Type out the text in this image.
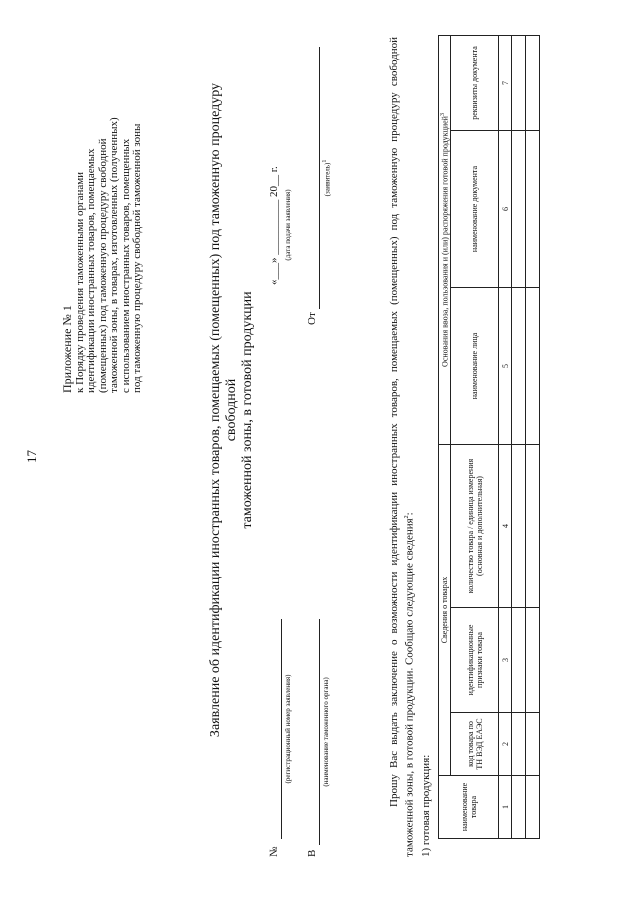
17
Приложение № 1 к Порядку проведения таможенными органами идентификации иностранных товаров, помещаемых (помещенных) под таможенную процедуру свободной таможенной зоны, в товарах, изготовленных (полученных) с использованием иностранных товаров, помещенных под таможенную процедуру свободной таможенной зоны	Заявление об идентификации иностранных товаров, помещаемых (помещенных) под таможенную процедуру свободной таможенной зоны, в готовой продукции
№
(регистрационный номер заявления)
«___» __________ 20__ г. (дата подачи заявления)
В
(наименование таможенного органа)
От
(заявитель)1	Прошу Вас выдать заключение о возможности идентификации иностранных товаров, помещаемых (помещенных) под таможенную процедуру свободной таможенной зоны, в готовой продукции. Сообщаю следующие сведения$^2$:
1) готовая продукция:	наименование товара	Сведения о товарах			Основания ввоза, пользования и (или) распоряжения готовой продукцией$^3$
	код товара по ТН ВЭД ЕАЭС	идентификационные признаки товара	количество товара / единица измерения (основная и дополнительная)	наименование лица	наименование документа	реквизиты документа
1	2	3	4	5	6	7
